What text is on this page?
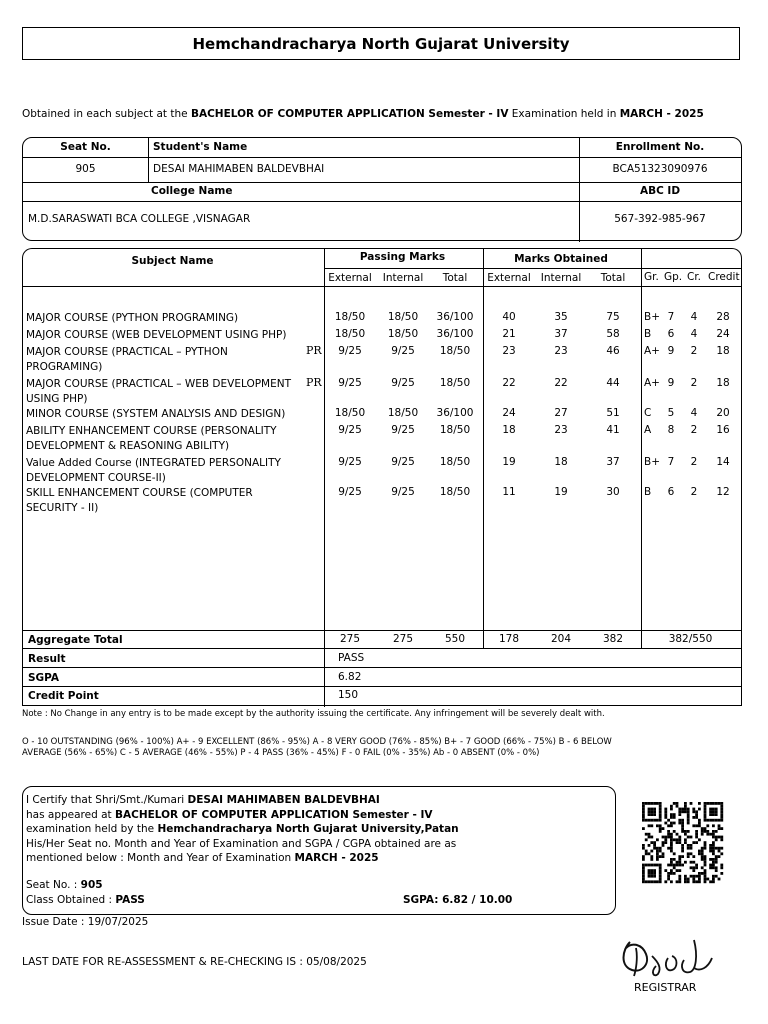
Hemchandracharya North Gujarat University
Obtained in each subject at the BACHELOR OF COMPUTER APPLICATION Semester - IV Examination held in MARCH - 2025
Seat No.	Student's Name	Enrollment No.
905	DESAI MAHIMABEN BALDEVBHAI	BCA51323090976
College Name	ABC ID
M.D.SARASWATI BCA COLLEGE ,VISNAGAR	567-392-985-967
Subject Name	Passing Marks	Marks Obtained
External	Internal	Total	External Internal	Total	Gr. Gp. Cr. Credit
MAJOR COURSE (PYTHON PROGRAMING)	18/50	18/50	36/100	40	35	75	B+ 7	4	28
MAJOR COURSE (WEB DEVELOPMENT USING PHP)	18/50	18/50	36/100	21	37	58	B	6	4	24
MAJOR COURSE (PRACTICAL – PYTHON
PROGRAMING)
PR	9/25	9/25	18/50	23	23	46	A+ 9	2	18
MAJOR COURSE (PRACTICAL – WEB DEVELOPMENT
USING PHP)
PR	9/25	9/25	18/50	22	22	44	A+ 9	2	18
MINOR COURSE (SYSTEM ANALYSIS AND DESIGN)	18/50	18/50	36/100	24	27	51	C	5	4	20
ABILITY ENHANCEMENT COURSE (PERSONALITY
DEVELOPMENT & REASONING ABILITY)
9/25	9/25	18/50	18	23	41	A	8	2	16
Value Added Course (INTEGRATED PERSONALITY
DEVELOPMENT COURSE-II)
9/25	9/25	18/50	19	18	37	B+ 7	2	14
SKILL ENHANCEMENT COURSE (COMPUTER
SECURITY - II)
9/25	9/25	18/50	11	19	30	B	6	2	12
Aggregate Total	275	275	550	178	204	382	382/550
Result	PASS
SGPA	6.82
Credit Point	150
Note : No Change in any entry is to be made except by the authority issuing the certificate. Any infringement will be severely dealt with.
O - 10 OUTSTANDING (96% - 100%) A+ - 9 EXCELLENT (86% - 95%) A - 8 VERY GOOD (76% - 85%) B+ - 7 GOOD (66% - 75%) B - 6 BELOW
AVERAGE (56% - 65%) C - 5 AVERAGE (46% - 55%) P - 4 PASS (36% - 45%) F - 0 FAIL (0% - 35%) Ab - 0 ABSENT (0% - 0%)
I Certify that Shri/Smt./Kumari DESAI MAHIMABEN BALDEVBHAI
has appeared at BACHELOR OF COMPUTER APPLICATION Semester - IV
examination held by the Hemchandracharya North Gujarat University,Patan
His/Her Seat no. Month and Year of Examination and SGPA / CGPA obtained are as
mentioned below : Month and Year of Examination MARCH - 2025
Seat No. : 905
Class Obtained : PASS	SGPA: 6.82 / 10.00
Issue Date : 19/07/2025
LAST DATE FOR RE-ASSESSMENT & RE-CHECKING IS : 05/08/2025
REGISTRAR
